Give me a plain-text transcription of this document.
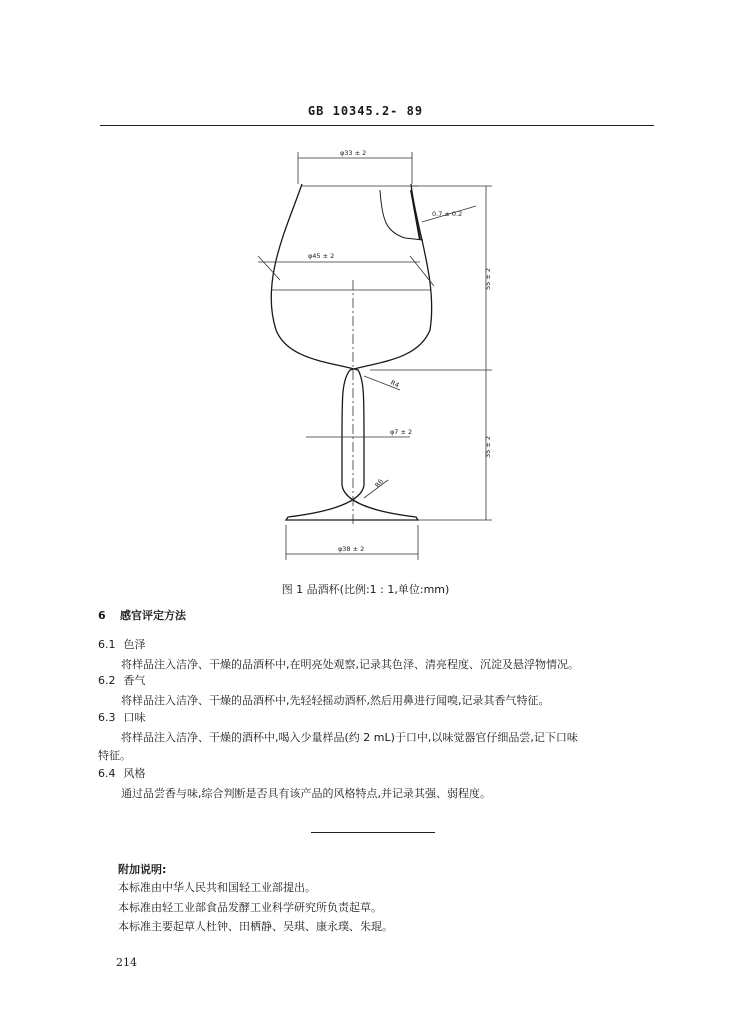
GB 10345.2- 89
φ33 ± 2
0.7 ± 0.2
φ45 ± 2
55 ± 2
R4
φ7 ± 2
35 ± 2
R6
φ38 ± 2
图 1 品酒杯(比例:1 : 1,单位:mm)
6 感官评定方法
6.1 色泽
将样品注入洁净、干燥的品酒杯中,在明亮处观察,记录其色泽、清亮程度、沉淀及悬浮物情况。
6.2 香气
将样品注入洁净、干燥的品酒杯中,先轻轻摇动酒杯,然后用鼻进行闻嗅,记录其香气特征。
6.3 口味
将样品注入洁净、干燥的酒杯中,喝入少量样品(约 2 mL)于口中,以味觉器官仔细品尝,记下口味
特征。
6.4 风格
通过品尝香与味,综合判断是否具有该产品的风格特点,并记录其强、弱程度。
附加说明:
本标准由中华人民共和国轻工业部提出。
本标准由轻工业部食品发酵工业科学研究所负责起草。
本标准主要起草人杜钟、田栖静、吴琪、康永璞、朱琨。
214
